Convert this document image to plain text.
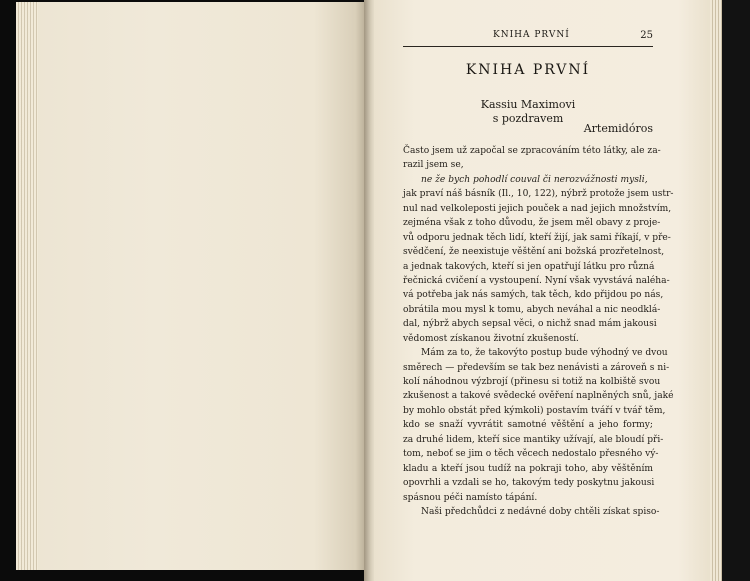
KNIHA PRVNÍ	25
KNIHA PRVNÍ
Kassiu Maximovi
s pozdravem
Artemidóros
Často jsem už započal se zpracováním této látky, ale za-
razil jsem se,
ne že bych pohodlí couval či nerozvážnosti mysli,
jak praví náš básník (Il., 10, 122), nýbrž protože jsem ustr-
nul nad velkoleposti jejich pouček a nad jejich množstvím,
zejména však z toho důvodu, že jsem měl obavy z proje-
vů odporu jednak těch lidí, kteří žijí, jak sami říkají, v pře-
svědčení, že neexistuje věštění ani božská prozřetelnost,
a jednak takových, kteří si jen opatřují látku pro různá
řečnická cvičení a vystoupení. Nyní však vyvstává naléha-
vá potřeba jak nás samých, tak těch, kdo přijdou po nás,
obrátila mou mysl k tomu, abych neváhal a nic neodklá-
dal, nýbrž abych sepsal věci, o nichž snad mám jakousi
vědomost získanou životní zkušeností.
Mám za to, že takovýto postup bude výhodný ve dvou
směrech — především se tak bez nenávisti a zároveň s ni-
kolí náhodnou výzbrojí (přinesu si totiž na kolbiště svou
zkušenost a takové svědecké ověření naplněných snů, jaké
by mohlo obstát před kýmkoli) postavím tváří v tvář těm,
kdo se snaží vyvrátit samotné věštění a jeho formy;
za druhé lidem, kteří sice mantiky užívají, ale bloudí při-
tom, neboť se jim o těch věcech nedostalo přesného vý-
kladu a kteří jsou tudíž na pokraji toho, aby věštěním
opovrhli a vzdali se ho, takovým tedy poskytnu jakousi
spásnou péči namísto tápání.
Naši předchůdci z nedávné doby chtěli získat spiso-
